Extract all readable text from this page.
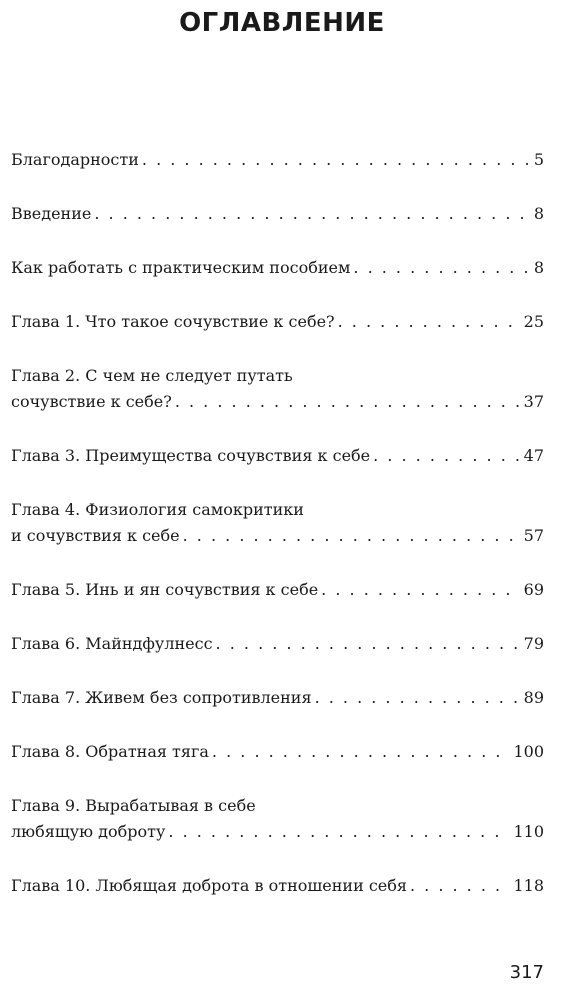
ОГЛАВЛЕНИЕ
Благодарности . . .	5
Введение . . .	8
Как работать с практическим пособием . . .	8
Глава 1. Что такое сочувствие к себе? . . .	25
Глава 2. С чем не следует путать
сочувствие к себе? . . .	37
Глава 3. Преимущества сочувствия к себе . . .	47
Глава 4. Физиология самокритики
и сочувствия к себе . . .	57
Глава 5. Инь и ян сочувствия к себе . . .	69
Глава 6. Майндфулнесс . . .	79
Глава 7. Живем без сопротивления . . .	89
Глава 8. Обратная тяга . . .	100
Глава 9. Вырабатывая в себе
любящую доброту . . .	110
Глава 10. Любящая доброта в отношении себя . . .	118
317
